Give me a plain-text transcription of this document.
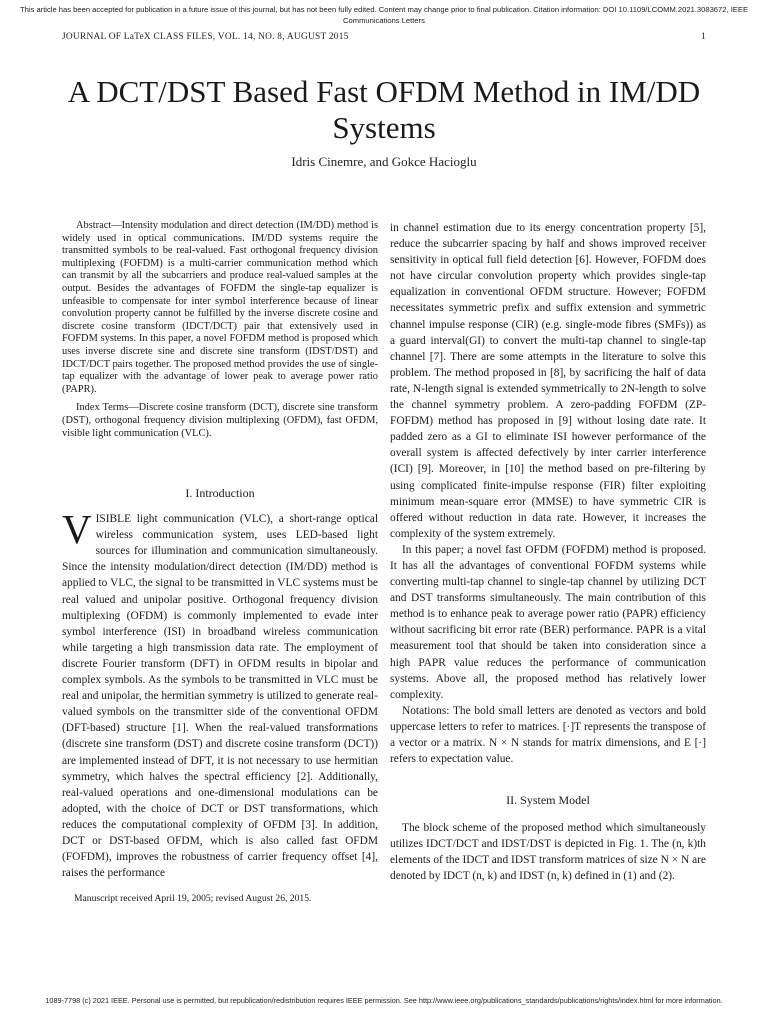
This article has been accepted for publication in a future issue of this journal, but has not been fully edited. Content may change prior to final publication. Citation information: DOI 10.1109/LCOMM.2021.3083672, IEEE
Communications Letters
JOURNAL OF LaTeX CLASS FILES, VOL. 14, NO. 8, AUGUST 2015	1
A DCT/DST Based Fast OFDM Method in IM/DD Systems
Idris Cinemre, and Gokce Hacioglu

Abstract—Intensity modulation and direct detection (IM/DD) method is widely used in optical communications. IM/DD systems require the transmitted symbols to be real-valued. Fast orthogonal frequency division multiplexing (FOFDM) is a multi-carrier communication method which can transmit by all the subcarriers and produce real-valued samples at the output. Besides the advantages of FOFDM the single-tap equalizer is unfeasible to compensate for inter symbol interference because of linear convolution property cannot be fulfilled by the inverse discrete cosine and discrete cosine transform (IDCT/DCT) pair that extensively used in FOFDM systems. In this paper, a novel FOFDM method is proposed which uses inverse discrete sine and discrete sine transform (IDST/DST) and IDCT/DCT pairs together. The proposed method provides the use of single-tap equalizer with the advantage of lower peak to average power ratio (PAPR).

Index Terms—Discrete cosine transform (DCT), discrete sine transform (DST), orthogonal frequency division multiplexing (OFDM), fast OFDM, visible light communication (VLC).

I. Introduction

V ISIBLE light communication (VLC), a short-range optical wireless communication system, uses LED-based light sources for illumination and communication simultaneously. Since the intensity modulation/direct detection (IM/DD) method is applied to VLC, the signal to be transmitted in VLC systems must be real valued and unipolar positive. Orthogonal frequency division multiplexing (OFDM) is commonly implemented to evade inter symbol interference (ISI) in broadband wireless communication while targeting a high transmission data rate. The employment of discrete Fourier transform (DFT) in OFDM results in bipolar and complex symbols. As the symbols to be transmitted in VLC must be real and unipolar, the hermitian symmetry is utilized to generate real-valued symbols on the transmitter side of the conventional OFDM (DFT-based) structure [1]. When the real-valued transformations (discrete sine transform (DST) and discrete cosine transform (DCT)) are implemented instead of DFT, it is not necessary to use hermitian symmetry, which halves the spectral efficiency [2]. Additionally, real-valued operations and one-dimensional modulations can be adopted, with the choice of DCT or DST transformations, which reduces the computational complexity of OFDM [3]. In addition, DCT or DST-based OFDM, which is also called fast OFDM (FOFDM), improves the robustness of carrier frequency offset [4], raises the performance

Manuscript received April 19, 2005; revised August 26, 2015.

in channel estimation due to its energy concentration property [5], reduce the subcarrier spacing by half and shows improved receiver sensitivity in optical full field detection [6]. However, FOFDM does not have circular convolution property which provides single-tap equalization in conventional OFDM structure. However; FOFDM necessitates symmetric prefix and suffix extension and symmetric channel impulse response (CIR) (e.g. single-mode fibres (SMFs)) as a guard interval(GI) to convert the multi-tap channel to single-tap channel [7]. There are some attempts in the literature to solve this problem. The method proposed in [8], by sacrificing the half of data rate, N-length signal is extended symmetrically to 2N-length to solve the channel symmetry problem. A zero-padding FOFDM (ZP-FOFDM) method has proposed in [9] without losing date rate. It padded zero as a GI to eliminate ISI however performance of the overall system is affected defectively by inter carrier interference (ICI) [9]. Moreover, in [10] the method based on pre-filtering by using complicated finite-impulse response (FIR) filter exploiting minimum mean-square error (MMSE) to have symmetric CIR is offered without reduction in data rate. However, it increases the complexity of the system extremely.

In this paper; a novel fast OFDM (FOFDM) method is proposed. It has all the advantages of conventional FOFDM systems while converting multi-tap channel to single-tap channel by utilizing DCT and DST transforms simultaneously. The main contribution of this method is to enhance peak to average power ratio (PAPR) efficiency without sacrificing bit error rate (BER) performance. PAPR is a vital measurement tool that should be taken into consideration since a high PAPR value reduces the performance of communication systems. Above all, the proposed method has relatively lower complexity.

Notations: The bold small letters are denoted as vectors and bold uppercase letters to refer to matrices. [·]T represents the transpose of a vector or a matrix. N × N stands for matrix dimensions, and E [·] refers to expectation value.

II. System Model

The block scheme of the proposed method which simultaneously utilizes IDCT/DCT and IDST/DST is depicted in Fig. 1. The (n, k)th elements of the IDCT and IDST transform matrices of size N × N are denoted by IDCT (n, k) and IDST (n, k) defined in (1) and (2).

1089-7798 (c) 2021 IEEE. Personal use is permitted, but republication/redistribution requires IEEE permission. See http://www.ieee.org/publications_standards/publications/rights/index.html for more information.
